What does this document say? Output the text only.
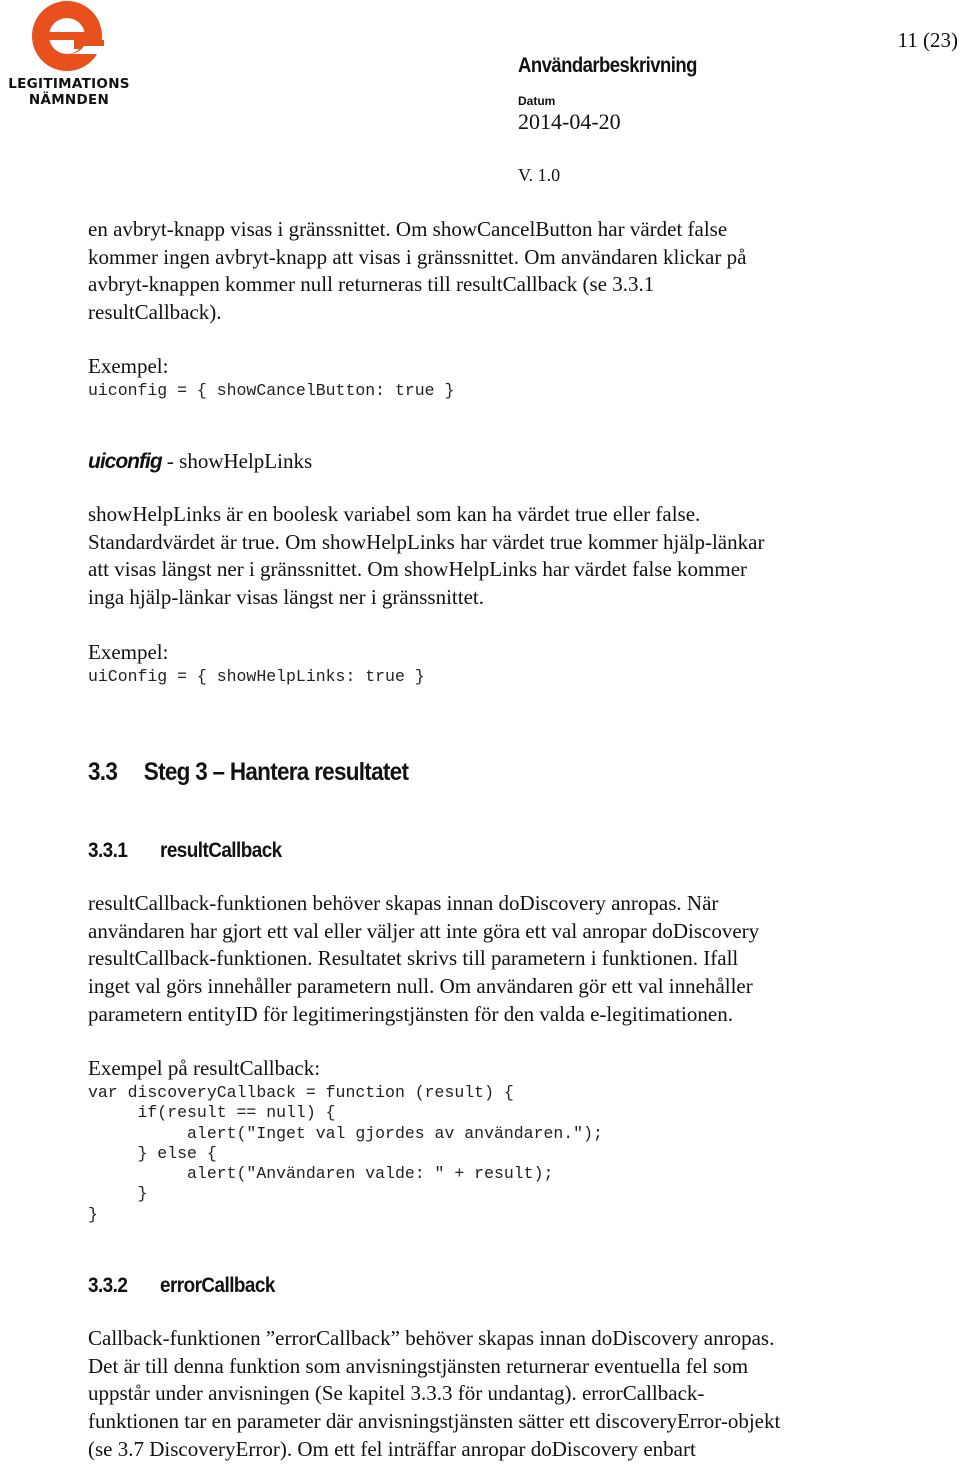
LEGITIMATIONS
NÄMNDEN
11 (23)
Användarbeskrivning
Datum
2014-04-20
V. 1.0

en avbryt-knapp visas i gränssnittet. Om showCancelButton har värdet false

kommer ingen avbryt-knapp att visas i gränssnittet. Om användaren klickar på

avbryt-knappen kommer null returneras till resultCallback (se 3.3.1

resultCallback).

Exempel:
uiconfig = { showCancelButton: true }
uiconfig - showHelpLinks

showHelpLinks är en boolesk variabel som kan ha värdet true eller false.

Standardvärdet är true. Om showHelpLinks har värdet true kommer hjälp-länkar

att visas längst ner i gränssnittet. Om showHelpLinks har värdet false kommer

inga hjälp-länkar visas längst ner i gränssnittet.

Exempel:
uiConfig = { showHelpLinks: true }
3.3 Steg 3 – Hantera resultatet
3.3.1 resultCallback

resultCallback-funktionen behöver skapas innan doDiscovery anropas. När

användaren har gjort ett val eller väljer att inte göra ett val anropar doDiscovery

resultCallback-funktionen. Resultatet skrivs till parametern i funktionen. Ifall

inget val görs innehåller parametern null. Om användaren gör ett val innehåller

parametern entityID för legitimeringstjänsten för den valda e-legitimationen.

Exempel på resultCallback:
var discoveryCallback = function (result) {
if(result == null) {
alert("Inget val gjordes av användaren.");
} else {
alert("Användaren valde: " + result);
}
}
3.3.2 errorCallback

Callback-funktionen ”errorCallback” behöver skapas innan doDiscovery anropas.

Det är till denna funktion som anvisningstjänsten returnerar eventuella fel som

uppstår under anvisningen (Se kapitel 3.3.3 för undantag). errorCallback-

funktionen tar en parameter där anvisningstjänsten sätter ett discoveryError-objekt

(se 3.7 DiscoveryError). Om ett fel inträffar anropar doDiscovery enbart
